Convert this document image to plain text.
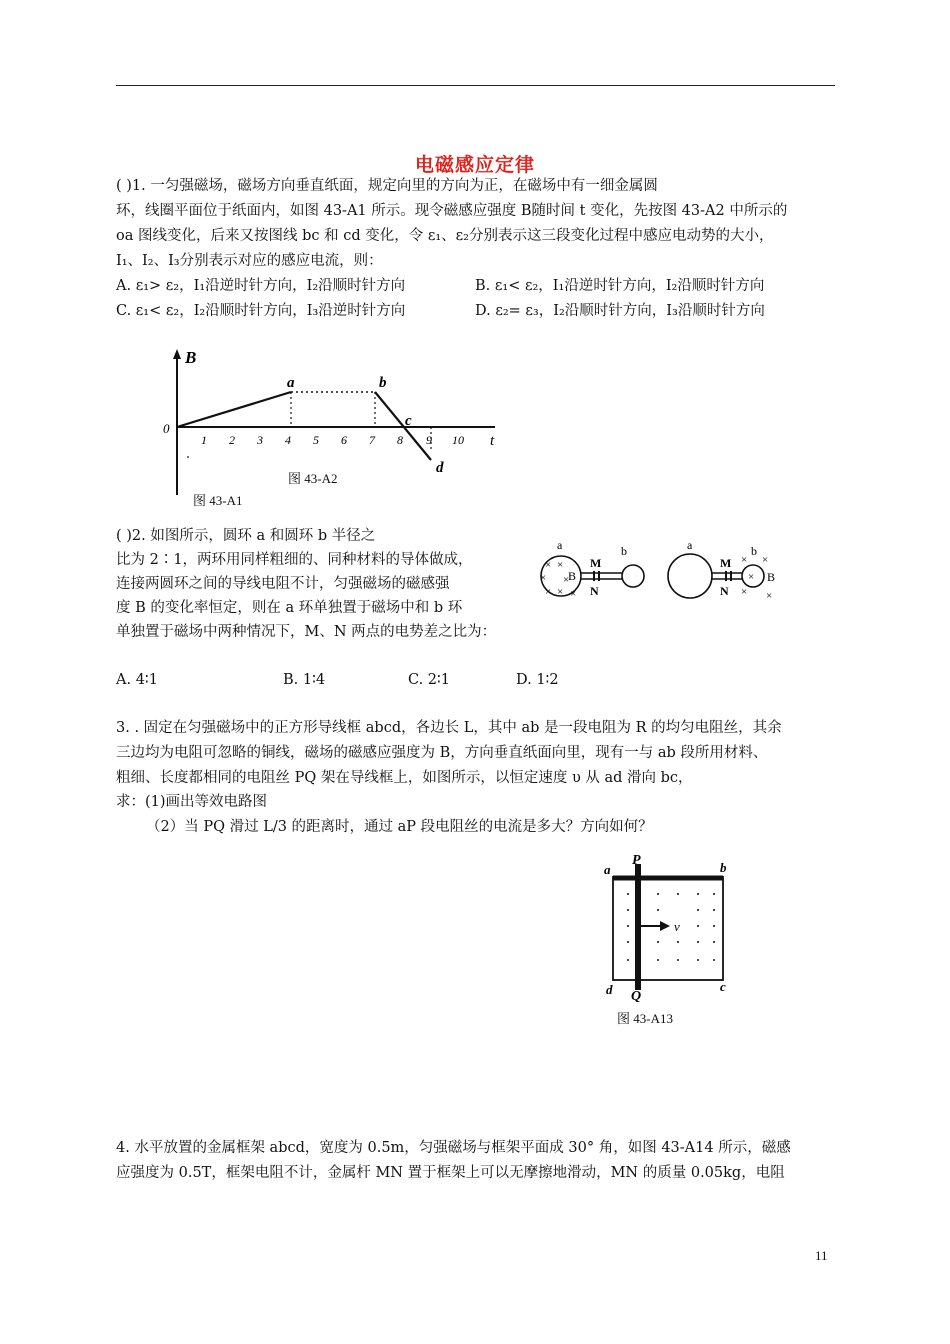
电磁感应定律
( )1. 一匀强磁场，磁场方向垂直纸面，规定向里的方向为正，在磁场中有一细金属圆
环，线圈平面位于纸面内，如图 43-A1 所示。现令磁感应强度 B随时间 t 变化，先按图 43-A2 中所示的
oa 图线变化，后来又按图线 bc 和 cd 变化，令 ε₁、ε₂分别表示这三段变化过程中感应电动势的大小，
I₁、I₂、I₃分别表示对应的感应电流，则：
A. ε₁> ε₂，I₁沿逆时针方向，I₂沿顺时针方向	B. ε₁< ε₂，I₁沿逆时针方向，I₂沿顺时针方向
C. ε₁< ε₂，I₂沿顺时针方向，I₃沿逆时针方向	D. ε₂= ε₃，I₂沿顺时针方向，I₃沿顺时针方向
B
0
t
1 2 3 4 5 6 7 8 9 10
a	b
c
d
图 43-A2
图 43-A1
( )2. 如图所示，圆环 a 和圆环 b 半径之
比为 2∶1，两环用同样粗细的、同种材料的导体做成，
连接两圆环之间的导线电阻不计，匀强磁场的磁感强
度 B 的变化率恒定，则在 a 环单独置于磁场中和 b 环
单独置于磁场中两种情况下，M、N 两点的电势差之比为：
× ×
× ×
× × ×
a
B
M
N
b	a
M
N
b
× ×
×
× ×
B
A. 4∶1	B. 1∶4	C. 2∶1	D. 1∶2
3. . 固定在匀强磁场中的正方形导线框 abcd，各边长 L，其中 ab 是一段电阻为 R 的均匀电阻丝，其余
三边均为电阻可忽略的铜线，磁场的磁感应强度为 B，方向垂直纸面向里，现有一与 ab 段所用材料、
粗细、长度都相同的电阻丝 PQ 架在导线框上，如图所示，以恒定速度 υ 从 ad 滑向 bc，
求：(1)画出等效电路图
（2）当 PQ 滑过 L/3 的距离时，通过 aP 段电阻丝的电流是多大？方向如何？
v
P
Q
a	b
c
d
图 43-A13
4. 水平放置的金属框架 abcd，宽度为 0.5m，匀强磁场与框架平面成 30° 角，如图 43-A14 所示，磁感
应强度为 0.5T，框架电阻不计，金属杆 MN 置于框架上可以无摩擦地滑动，MN 的质量 0.05kg，电阻
11
